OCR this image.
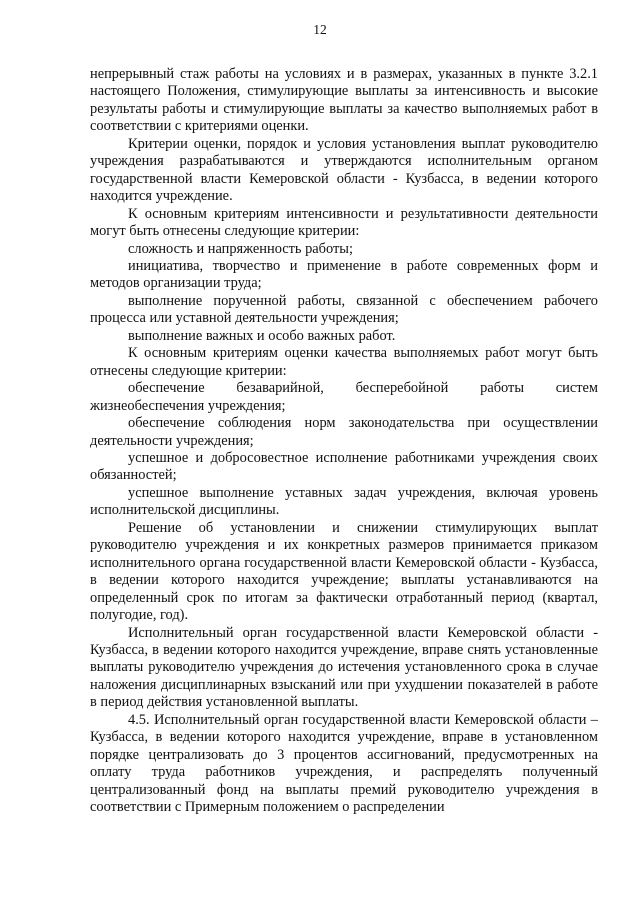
12

непрерывный стаж работы на условиях и в размерах, указанных в пункте 3.2.1 настоящего Положения, стимулирующие выплаты за интенсивность и высокие результаты работы и стимулирующие выплаты за качество выполняемых работ в соответствии с критериями оценки.

Критерии оценки, порядок и условия установления выплат руководителю учреждения разрабатываются и утверждаются исполнительным органом государственной власти Кемеровской области - Кузбасса, в ведении которого находится учреждение.

К основным критериям интенсивности и результативности деятельности могут быть отнесены следующие критерии:

сложность и напряженность работы;

инициатива, творчество и применение в работе современных форм и методов организации труда;

выполнение порученной работы, связанной с обеспечением рабочего процесса или уставной деятельности учреждения;

выполнение важных и особо важных работ.

К основным критериям оценки качества выполняемых работ могут быть отнесены следующие критерии:

обеспечение безаварийной, бесперебойной работы систем жизнеобеспечения учреждения;

обеспечение соблюдения норм законодательства при осуществлении деятельности учреждения;

успешное и добросовестное исполнение работниками учреждения своих обязанностей;

успешное выполнение уставных задач учреждения, включая уровень исполнительской дисциплины.

Решение об установлении и снижении стимулирующих выплат руководителю учреждения и их конкретных размеров принимается приказом исполнительного органа государственной власти Кемеровской области - Кузбасса, в ведении которого находится учреждение; выплаты устанавливаются на определенный срок по итогам за фактически отработанный период (квартал, полугодие, год).

Исполнительный орган государственной власти Кемеровской области - Кузбасса, в ведении которого находится учреждение, вправе снять установленные выплаты руководителю учреждения до истечения установленного срока в случае наложения дисциплинарных взысканий или при ухудшении показателей в работе в период действия установленной выплаты.

4.5. Исполнительный орган государственной власти Кемеровской области – Кузбасса, в ведении которого находится учреждение, вправе в установленном порядке централизовать до 3 процентов ассигнований, предусмотренных на оплату труда работников учреждения, и распределять полученный централизованный фонд на выплаты премий руководителю учреждения в соответствии с Примерным положением о распределении
